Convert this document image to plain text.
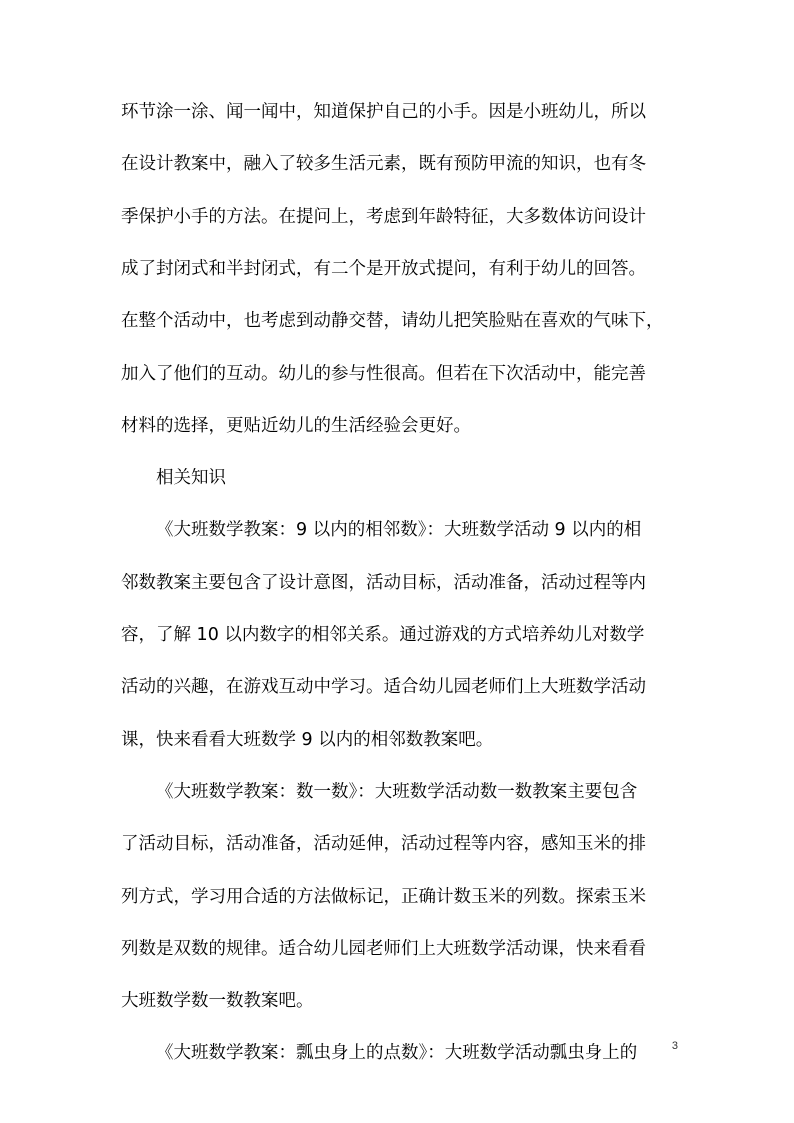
环节涂一涂、闻一闻中，知道保护自己的小手。因是小班幼儿，所以
在设计教案中，融入了较多生活元素，既有预防甲流的知识，也有冬
季保护小手的方法。在提问上，考虑到年龄特征，大多数体访问设计
成了封闭式和半封闭式，有二个是开放式提问，有利于幼儿的回答。
在整个活动中，也考虑到动静交替，请幼儿把笑脸贴在喜欢的气味下，
加入了他们的互动。幼儿的参与性很高。但若在下次活动中，能完善
材料的选择，更贴近幼儿的生活经验会更好。
相关知识
《大班数学教案：9 以内的相邻数》：大班数学活动 9 以内的相
邻数教案主要包含了设计意图，活动目标，活动准备，活动过程等内
容，了解 10 以内数字的相邻关系。通过游戏的方式培养幼儿对数学
活动的兴趣，在游戏互动中学习。适合幼儿园老师们上大班数学活动
课，快来看看大班数学 9 以内的相邻数教案吧。
《大班数学教案：数一数》：大班数学活动数一数教案主要包含
了活动目标，活动准备，活动延伸，活动过程等内容，感知玉米的排
列方式，学习用合适的方法做标记，正确计数玉米的列数。探索玉米
列数是双数的规律。适合幼儿园老师们上大班数学活动课，快来看看
大班数学数一数教案吧。
《大班数学教案：瓢虫身上的点数》：大班数学活动瓢虫身上的	3
